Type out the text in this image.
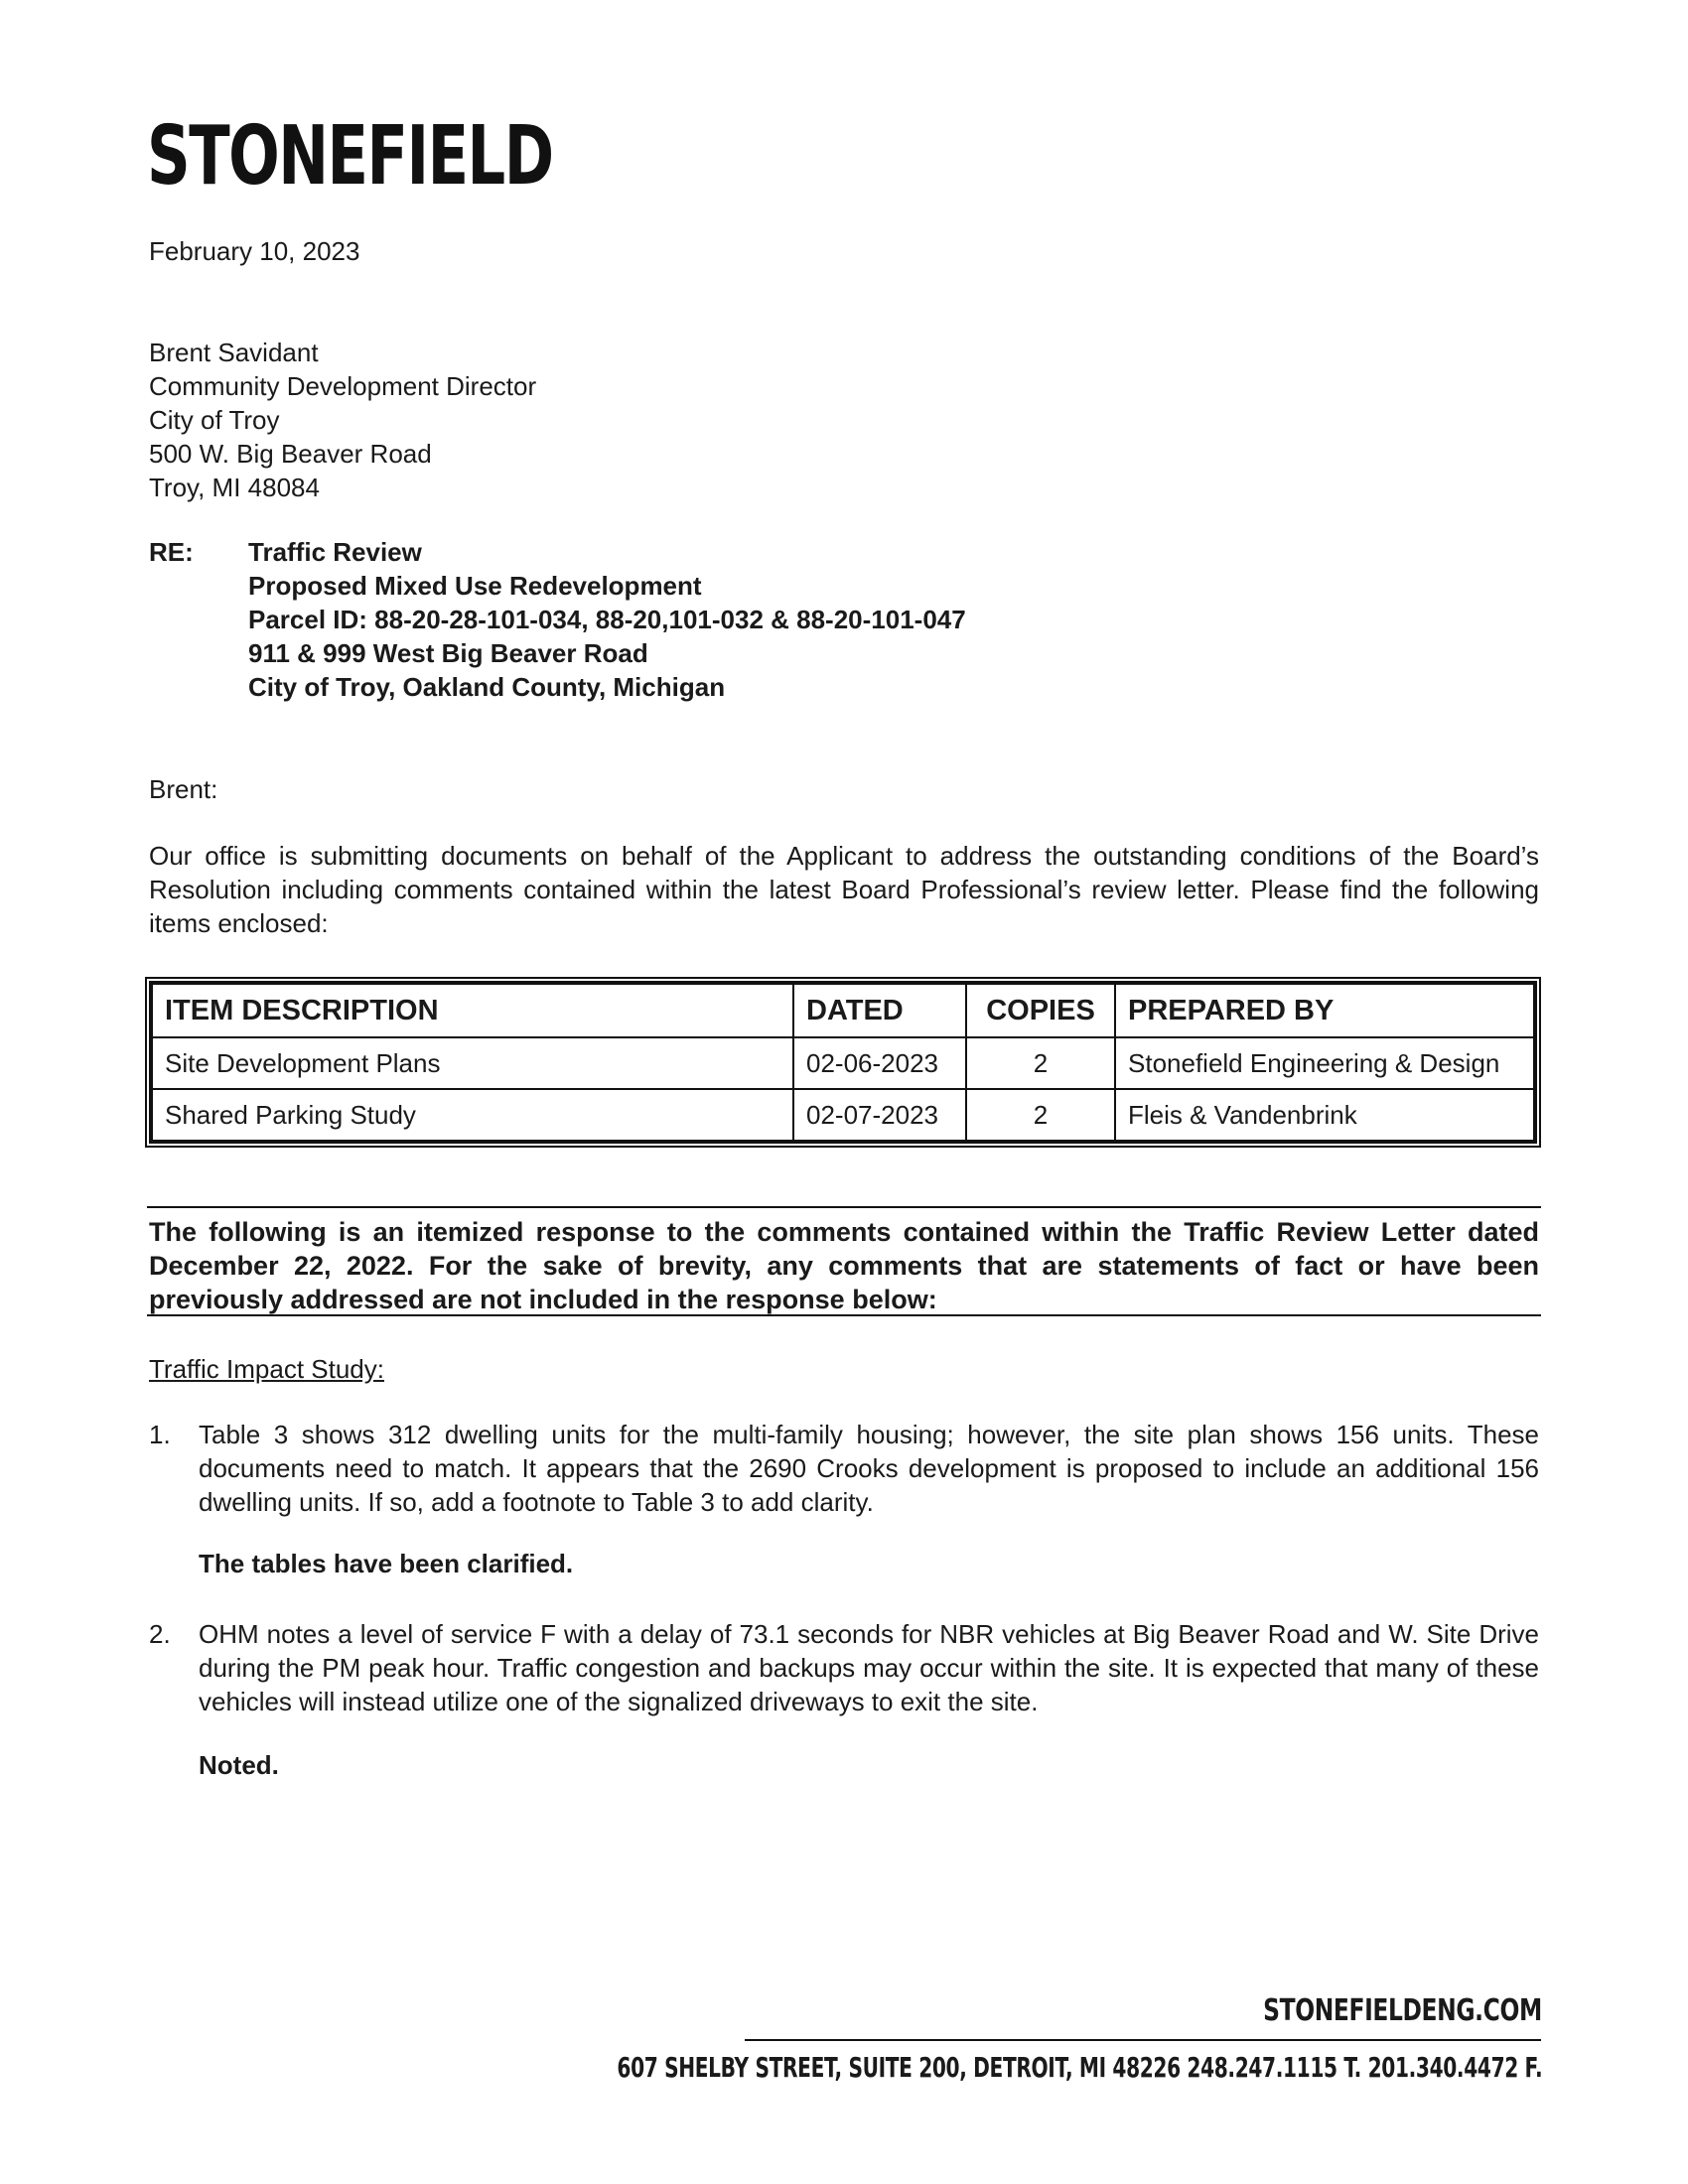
STONEFIELD
February 10, 2023
Brent Savidant
Community Development Director
City of Troy
500 W. Big Beaver Road
Troy, MI 48084
RE:	Traffic Review
Proposed Mixed Use Redevelopment
Parcel ID: 88-20-28-101-034, 88-20,101-032 & 88-20-101-047
911 & 999 West Big Beaver Road
City of Troy, Oakland County, Michigan
Brent:
Our office is submitting documents on behalf of the Applicant to address the outstanding conditions of the Board’s Resolution including comments contained within the latest Board Professional’s review letter. Please find the following items enclosed:
ITEM DESCRIPTION	DATED	COPIES	PREPARED BY
Site Development Plans	02-06-2023	2	Stonefield Engineering & Design
Shared Parking Study	02-07-2023	2	Fleis & Vandenbrink
The following is an itemized response to the comments contained within the Traffic Review Letter dated December 22, 2022. For the sake of brevity, any comments that are statements of fact or have been previously addressed are not included in the response below:
Traffic Impact Study:
1. Table 3 shows 312 dwelling units for the multi-family housing; however, the site plan shows 156 units. These documents need to match. It appears that the 2690 Crooks development is proposed to include an additional 156 dwelling units. If so, add a footnote to Table 3 to add clarity.
The tables have been clarified.
2. OHM notes a level of service F with a delay of 73.1 seconds for NBR vehicles at Big Beaver Road and W. Site Drive during the PM peak hour. Traffic congestion and backups may occur within the site. It is expected that many of these vehicles will instead utilize one of the signalized driveways to exit the site.
Noted.
STONEFIELDENG.COM
607 SHELBY STREET, SUITE 200, DETROIT, MI 48226 248.247.1115 T. 201.340.4472 F.
